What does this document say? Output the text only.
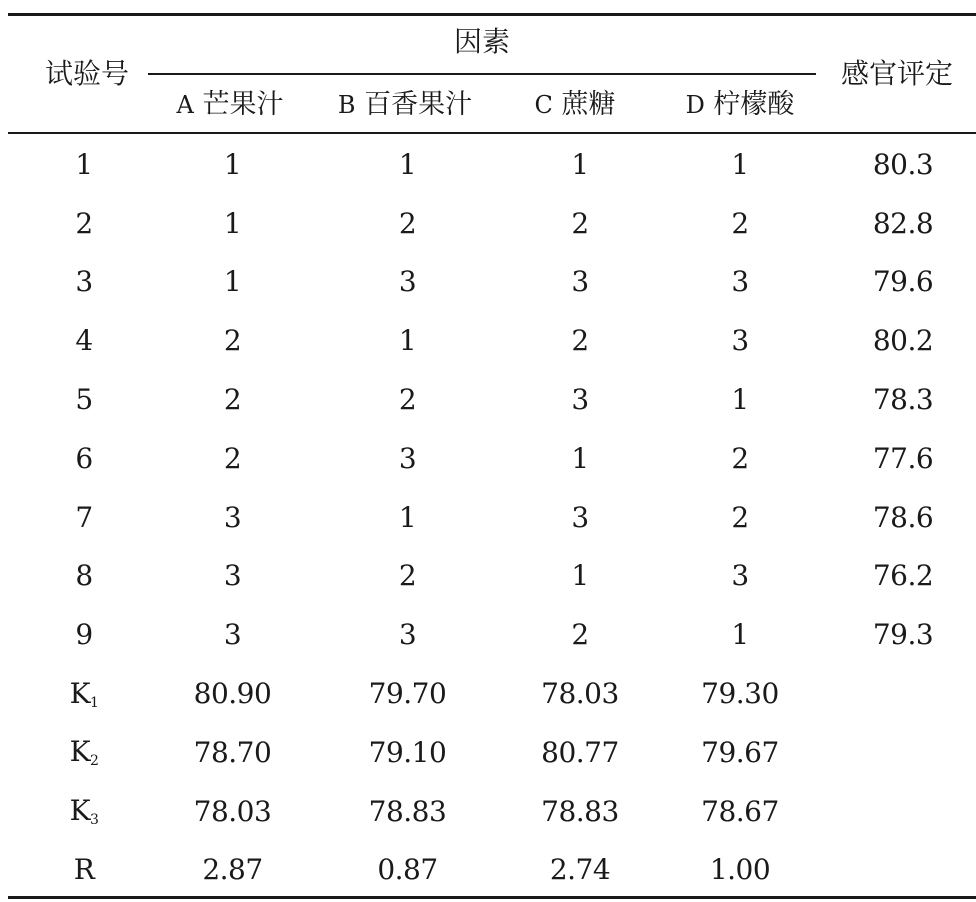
试验号
因素
感官评定
A 芒果汁	B 百香果汁	C 蔗糖	D 柠檬酸
1	1	1	1	1	80.3
2	1	2	2	2	82.8
3	1	3	3	3	79.6
4	2	1	2	3	80.2
5	2	2	3	1	78.3
6	2	3	1	2	77.6
7	3	1	3	2	78.6
8	3	2	1	3	76.2
9	3	3	2	1	79.3
$K_1$	80.90	79.70	78.03	79.30	
$K_2$	78.70	79.10	80.77	79.67	
$K_3$	78.03	78.83	78.83	78.67	
R	2.87	0.87	2.74	1.00	
